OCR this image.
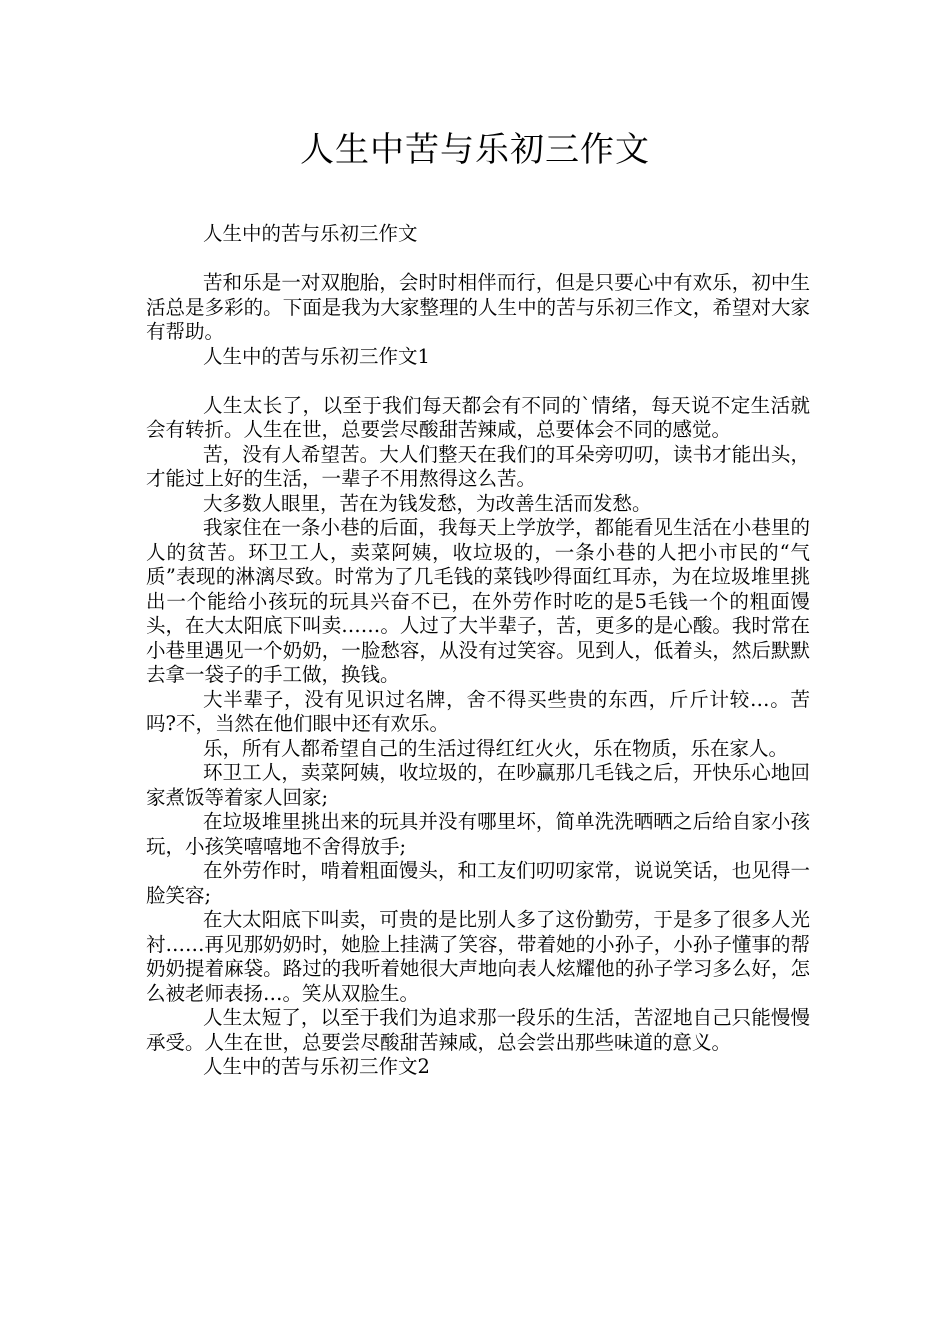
人生中苦与乐初三作文

人生中的苦与乐初三作文

苦和乐是一对双胞胎，会时时相伴而行，但是只要心中有欢乐，初中生活总是多彩的。下面是我为大家整理的人生中的苦与乐初三作文，希望对大家有帮助。

人生中的苦与乐初三作文1

人生太长了，以至于我们每天都会有不同的`情绪，每天说不定生活就会有转折。人生在世，总要尝尽酸甜苦辣咸，总要体会不同的感觉。

苦，没有人希望苦。大人们整天在我们的耳朵旁叨叨，读书才能出头，才能过上好的生活，一辈子不用熬得这么苦。

大多数人眼里，苦在为钱发愁，为改善生活而发愁。

我家住在一条小巷的后面，我每天上学放学，都能看见生活在小巷里的人的贫苦。环卫工人，卖菜阿姨，收垃圾的，一条小巷的人把小市民的“气质”表现的淋漓尽致。时常为了几毛钱的菜钱吵得面红耳赤，为在垃圾堆里挑出一个能给小孩玩的玩具兴奋不已，在外劳作时吃的是5毛钱一个的粗面馒头，在大太阳底下叫卖……。人过了大半辈子，苦，更多的是心酸。我时常在小巷里遇见一个奶奶，一脸愁容，从没有过笑容。见到人，低着头，然后默默去拿一袋子的手工做，换钱。

大半辈子，没有见识过名牌，舍不得买些贵的东西，斤斤计较…。苦吗?不，当然在他们眼中还有欢乐。

乐，所有人都希望自己的生活过得红红火火，乐在物质，乐在家人。

环卫工人，卖菜阿姨，收垃圾的，在吵赢那几毛钱之后，开快乐心地回家煮饭等着家人回家;

在垃圾堆里挑出来的玩具并没有哪里坏，简单洗洗晒晒之后给自家小孩玩，小孩笑嘻嘻地不舍得放手;

在外劳作时，啃着粗面馒头，和工友们叨叨家常，说说笑话，也见得一脸笑容;

在大太阳底下叫卖，可贵的是比别人多了这份勤劳，于是多了很多人光衬……再见那奶奶时，她脸上挂满了笑容，带着她的小孙子，小孙子懂事的帮奶奶提着麻袋。路过的我听着她很大声地向表人炫耀他的孙子学习多么好，怎么被老师表扬…。笑从双脸生。

人生太短了，以至于我们为追求那一段乐的生活，苦涩地自己只能慢慢承受。人生在世，总要尝尽酸甜苦辣咸，总会尝出那些味道的意义。

人生中的苦与乐初三作文2
